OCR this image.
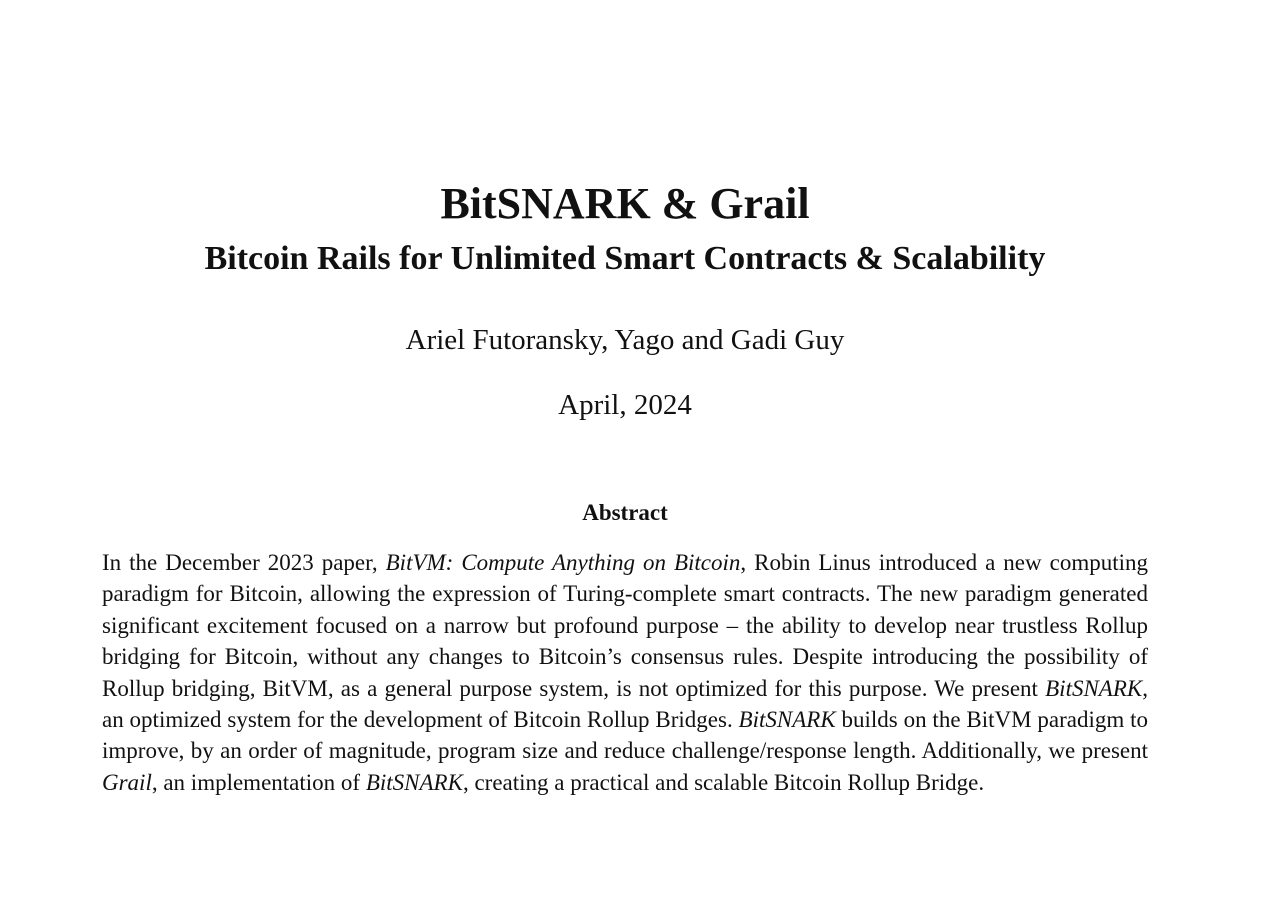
BitSNARK & Grail
Bitcoin Rails for Unlimited Smart Contracts & Scalability
Ariel Futoransky, Yago and Gadi Guy
April, 2024
Abstract
In the December 2023 paper, BitVM: Compute Anything on Bitcoin, Robin Linus introduced a new computing paradigm for Bitcoin, allowing the expression of Turing-complete smart contracts. The new paradigm generated significant excitement focused on a narrow but profound purpose – the ability to develop near trustless Rollup bridging for Bitcoin, without any changes to Bitcoin’s consensus rules. Despite introducing the possibility of Rollup bridging, BitVM, as a general purpose system, is not optimized for this purpose. We present BitSNARK, an optimized system for the development of Bitcoin Rollup Bridges. BitSNARK builds on the BitVM paradigm to improve, by an order of magnitude, program size and reduce challenge/response length. Additionally, we present Grail, an implementation of BitSNARK, creating a practical and scalable Bitcoin Rollup Bridge.
